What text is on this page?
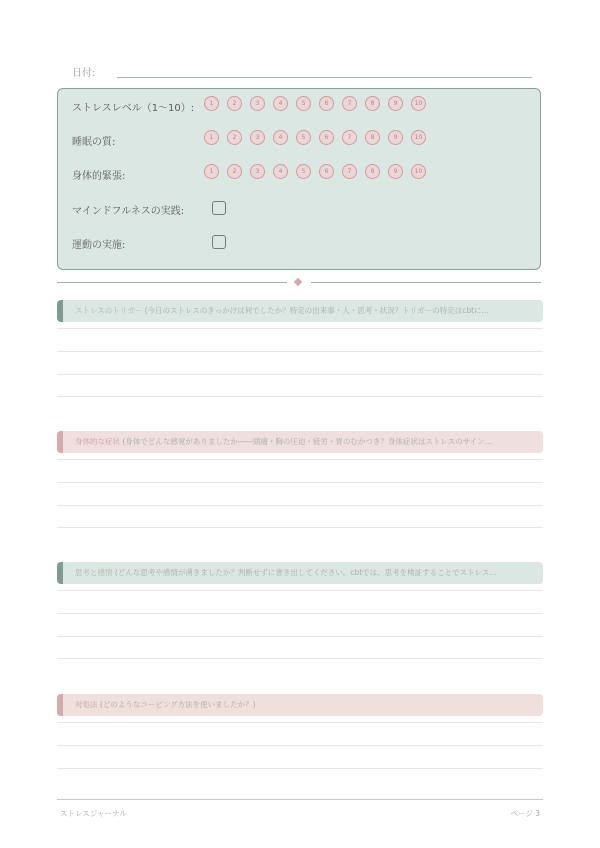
日付:
ストレスレベル（1〜10）:	1	2	3	4	5	6	7	8	9	10
睡眠の質:	1	2	3	4	5	6	7	8	9	10
身体的緊張:	1	2	3	4	5	6	7	8	9	10
マインドフルネスの実践:
運動の実施:
ストレスのトリガー (今日のストレスのきっかけは何でしたか？特定の出来事・人・思考・状況？トリガーの特定はcbtに...
身体的な症状 (身体でどんな感覚がありましたか――頭痛・胸の圧迫・疲労・胃のむかつき？身体症状はストレスのサイン...
思考と感情 (どんな思考や感情が湧きましたか？判断せずに書き出してください。cbtでは、思考を検証することでストレス...
対処法 (どのようなコーピング方法を使いましたか？)
ストレスジャーナル	ページ 3
